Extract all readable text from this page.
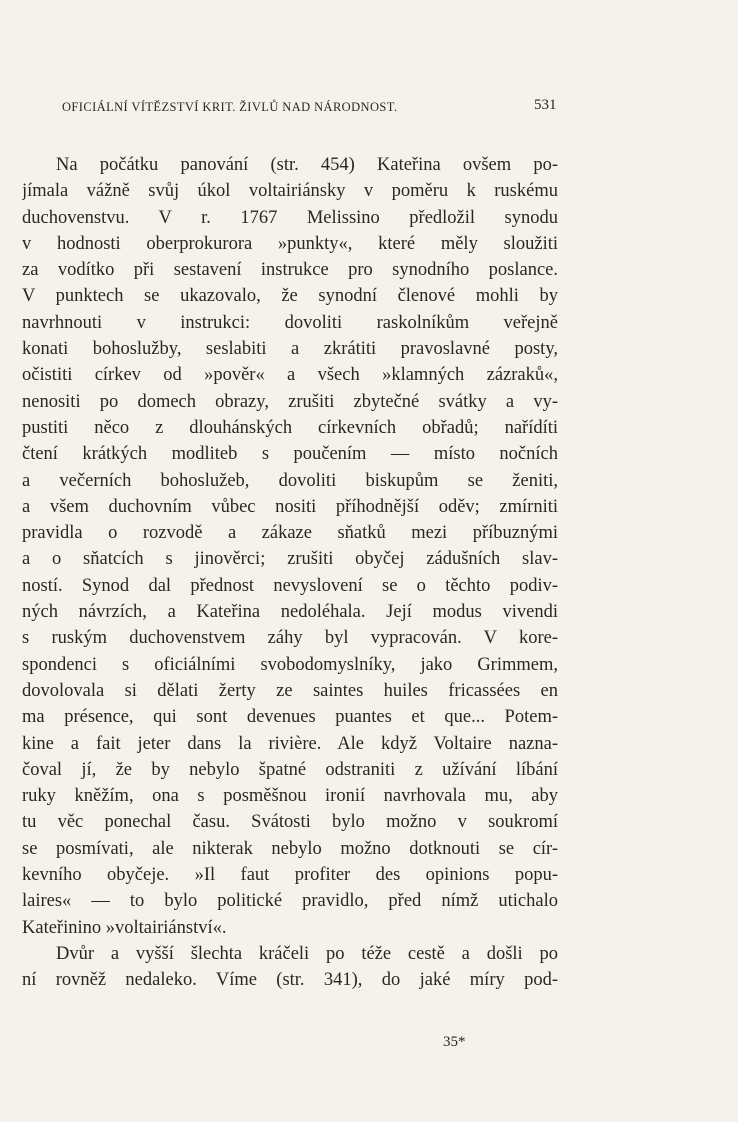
OFICIÁLNÍ VÍTĚZSTVÍ KRIT. ŽIVLŮ NAD NÁRODNOST.	531
Na počátku panování (str. 454) Kateřina ovšem po-
jímala vážně svůj úkol voltairiánsky v poměru k ruskému
duchovenstvu. V r. 1767 Melissino předložil synodu
v hodnosti oberprokurora »punkty«, které měly sloužiti
za vodítko při sestavení instrukce pro synodního poslance.
V punktech se ukazovalo, že synodní členové mohli by
navrhnouti v instrukci: dovoliti raskolníkům veřejně
konati bohoslužby, seslabiti a zkrátiti pravoslavné posty,
očistiti církev od »pověr« a všech »klamných zázraků«,
nenositi po domech obrazy, zrušiti zbytečné svátky a vy-
pustiti něco z dlouhánských církevních obřadů; nařídíti
čtení krátkých modliteb s poučením — místo nočních
a večerních bohoslužeb, dovoliti biskupům se ženiti,
a všem duchovním vůbec nositi příhodnější oděv; zmírniti
pravidla o rozvodě a zákaze sňatků mezi příbuznými
a o sňatcích s jinověrci; zrušiti obyčej zádušních slav-
ností. Synod dal přednost nevyslovení se o těchto podiv-
ných návrzích, a Kateřina nedoléhala. Její modus vivendi
s ruským duchovenstvem záhy byl vypracován. V kore-
spondenci s oficiálními svobodomyslníky, jako Grimmem,
dovolovala si dělati žerty ze saintes huiles fricassées en
ma présence, qui sont devenues puantes et que... Potem-
kine a fait jeter dans la rivière. Ale když Voltaire nazna-
čoval jí, že by nebylo špatné odstraniti z užívání líbání
ruky kněžím, ona s posměšnou ironií navrhovala mu, aby
tu věc ponechal času. Svátosti bylo možno v soukromí
se posmívati, ale nikterak nebylo možno dotknouti se cír-
kevního obyčeje. »Il faut profiter des opinions popu-
laires« — to bylo politické pravidlo, před nímž utichalo
Kateřinino »voltairiánství«.
Dvůr a vyšší šlechta kráčeli po téže cestě a došli po
ní rovněž nedaleko. Víme (str. 341), do jaké míry pod-
35*
